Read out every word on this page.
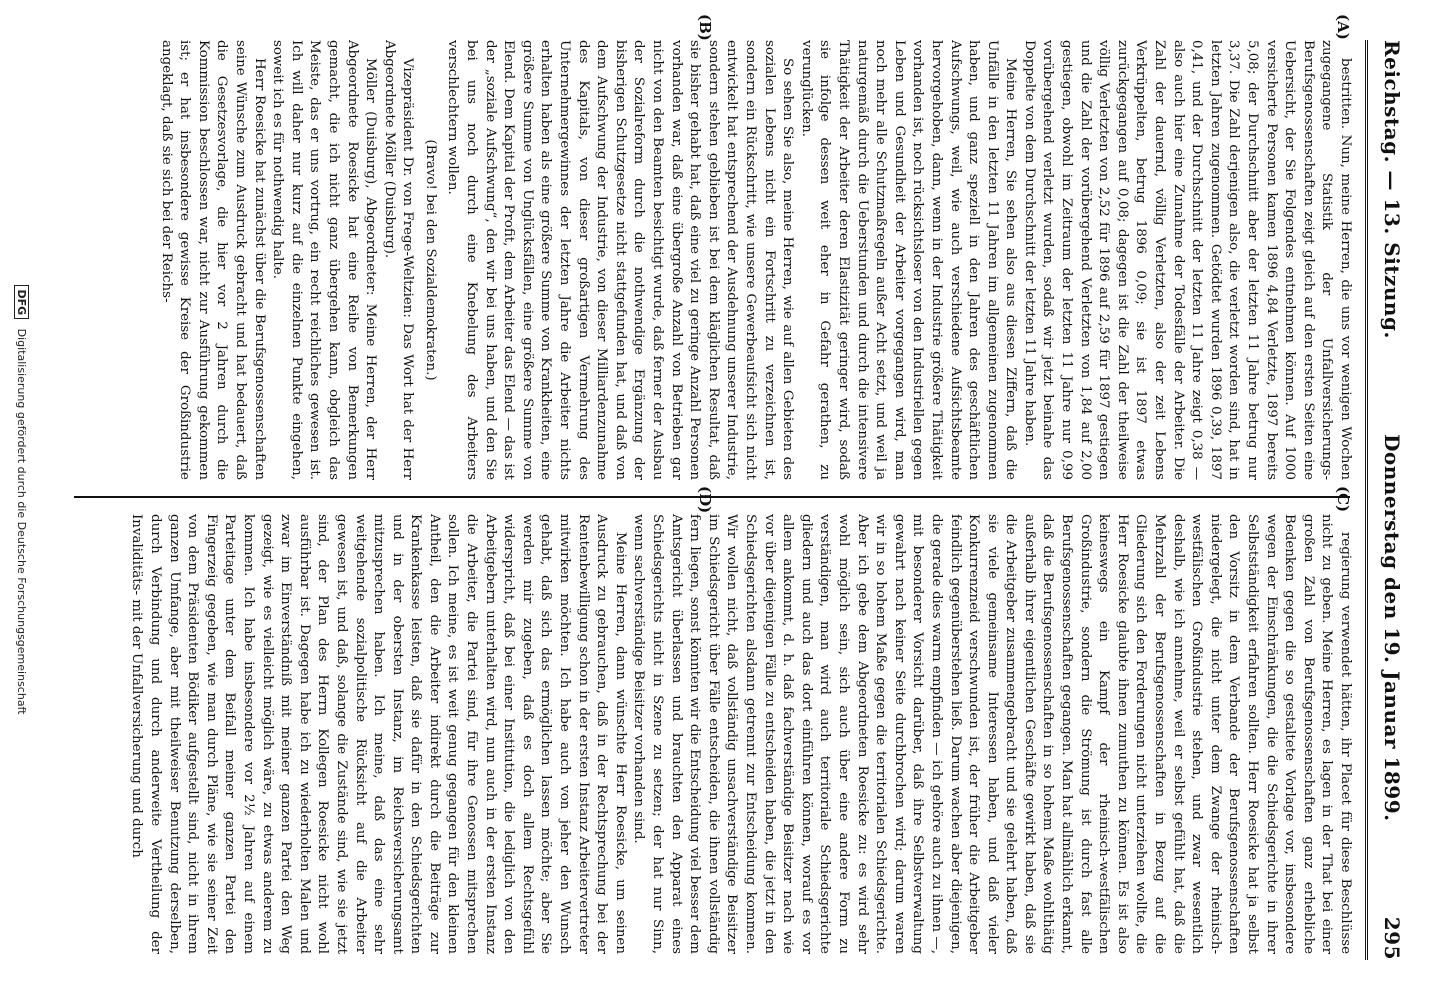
Reichstag. — 13. Sitzung.
Donnerstag den 19. Januar 1899.
295
(A)
(B)
(C)
(D)

bestritten. Nun, meine Herren, die uns vor wenigen Wochen zugegangene Statistik der Unfallversicherungs-Berufsgenossenschaften zeigt gleich auf den ersten Seiten eine Uebersicht, der Sie Folgendes entnehmen können. Auf 1000 versicherte Personen kamen 1896 4,84 Verletzte, 1897 bereits 5,08; der Durchschnitt aber der letzten 11 Jahre betrug nur 3,37. Die Zahl derjenigen also, die verletzt worden sind, hat in letzten Jahren zugenommen. Getödtet wurden 1896 0,39, 1897 0,41, und der Durchschnitt der letzten 11 Jahre zeigt 0,38 — also auch hier eine Zunahme der Todesfälle der Arbeiter. Die Zahl der dauernd, völlig Verletzten, also der zeit Lebens Verkrüppelten, betrug 1896 0,09; sie ist 1897 etwas zurückgegangen auf 0,08; dagegen ist die Zahl der theilweise völlig Verletzten von 2,52 für 1896 auf 2,59 für 1897 gestiegen und die Zahl der vorübergehend Verletzten von 1,84 auf 2,00 gestiegen, obwohl im Zeitraum der letzten 11 Jahre nur 0,99 vorübergehend verletzt wurden, sodaß wir jetzt beinahe das Doppelte von dem Durchschnitt der letzten 11 Jahre haben.

Meine Herren, Sie sehen also aus diesen Ziffern, daß die Unfälle in den letzten 11 Jahren im allgemeinen zugenommen haben, und ganz speziell in den Jahren des geschäftlichen Aufschwungs, weil, wie auch verschiedene Aufsichtsbeamte hervorgehoben, dann, wenn in der Industrie größere Thätigkeit vorhanden ist, noch rücksichtsloser von den Industriellen gegen Leben und Gesundheit der Arbeiter vorgegangen wird, man noch mehr alle Schutzmaßregeln außer Acht setzt, und weil ja naturgemäß durch die Ueberstunden und durch die intensivere Thätigkeit der Arbeiter deren Elastizität geringer wird, sodaß sie infolge dessen weit eher in Gefahr gerathen, zu verunglücken.

So sehen Sie also, meine Herren, wie auf allen Gebieten des sozialen Lebens nicht ein Fortschritt zu verzeichnen ist, sondern ein Rückschritt, wie unsere Gewerbeaufsicht sich nicht entwickelt hat entsprechend der Ausdehnung unserer Industrie, sondern stehen geblieben ist bei dem kläglichen Resultat, daß sie bisher gehabt hat, daß eine viel zu geringe Anzahl Personen vorhanden war, daß eine übergroße Anzahl von Betrieben gar nicht von den Beamten besichtigt wurde, daß ferner der Ausbau der Sozialreform durch die nothwendige Ergänzung der bisherigen Schutzgesetze nicht stattgefunden hat, und daß von dem Aufschwung der Industrie, von dieser Milliardenzunahme des Kapitals, von dieser großartigen Vermehrung des Unternehmergewinnes der letzten Jahre die Arbeiter nichts erhalten haben als eine größere Summe von Krankheiten, eine größere Summe von Unglücksfällen, eine größere Summe von Elend. Dem Kapital der Profit, dem Arbeiter das Elend — das ist der „soziale Aufschwung“, den wir bei uns haben, und den Sie bei uns noch durch eine Knebelung des Arbeiters verschlechtern wollen.

(Bravo! bei den Sozialdemokraten.)

Vizepräsident Dr. von Frege-Weltzien: Das Wort hat der Herr Abgeordnete Möller (Duisburg).

Möller (Duisburg), Abgeordneter: Meine Herren, der Herr Abgeordnete Roesicke hat eine Reihe von Bemerkungen gemacht, die ich nicht ganz übergehen kann, obgleich das Meiste, das er uns vortrug, ein recht reichliches gewesen ist. Ich will daher nur kurz auf die einzelnen Punkte eingehen, soweit ich es für nothwendig halte.

Herr Roesicke hat zunächst über die Berufsgenossenschaften seine Wünsche zum Ausdruck gebracht und hat bedauert, daß die Gesetzesvorlage, die hier vor 2 Jahren durch die Kommission beschlossen war, nicht zur Ausführung gekommen ist; er hat insbesondere gewisse Kreise der Großindustrie angeklagt, daß sie sich bei der Reichs-

regierung verwendet hätten, ihr Placet für diese Beschlüsse nicht zu geben. Meine Herren, es lagen in der That bei einer großen Zahl von Berufsgenossenschaften ganz erhebliche Bedenken gegen die so gestaltete Vorlage vor, insbesondere wegen der Einschränkungen, die die Schiedsgerichte in ihrer Selbstständigkeit erfahren sollten. Herr Roesicke hat ja selbst den Vorsitz in dem Verbande der Berufsgenossenschaften niedergelegt, die nicht unter dem Zwange der rheinisch-westfälischen Großindustrie stehen, und zwar wesentlich deshalb, wie ich annehme, weil er selbst gefühlt hat, daß die Mehrzahl der Berufsgenossenschaften in Bezug auf die Gliederung sich den Forderungen nicht unterziehen wollte, die Herr Roesicke glaubte ihnen zumuthen zu können. Es ist also keineswegs ein Kampf der rheinisch-westfälischen Großindustrie, sondern die Strömung ist durch fast alle Berufsgenossenschaften gegangen. Man hat allmählich erkannt, daß die Berufsgenossenschaften in so hohem Maße wohlthätig außerhalb ihrer eigentlichen Geschäfte gewirkt haben, daß sie die Arbeitgeber zusammengebracht und sie gelehrt haben, daß sie viele gemeinsame Interessen haben, und daß vieler Konkurrenzneid verschwunden ist, der früher die Arbeitgeber feindlich gegenüberstehen ließ. Darum wachen aber diejenigen, die gerade dies warm empfinden — ich gehöre auch zu ihnen —, mit besonderer Vorsicht darüber, daß ihre Selbstverwaltung gewahrt nach keiner Seite durchbrochen wird; darum waren wir in so hohem Maße gegen die territorialen Schiedsgerichte. Aber ich gebe dem Abgeordneten Roesicke zu: es wird sehr wohl möglich sein, sich auch über eine andere Form zu verständigen, man wird auch territoriale Schiedsgerichte gliedern und auch das dort einführen können, worauf es vor allem ankommt, d. h. daß fachverständige Beisitzer nach wie vor über diejenigen Fälle zu entscheiden haben, die jetzt in den Schiedsgerichten alsdann getrennt zur Entscheidung kommen. Wir wollen nicht, daß vollständig unsachverständige Beisitzer im Schiedsgericht über Fälle entscheiden, die ihnen vollständig fern liegen, sonst könnten wir die Entscheidung viel besser dem Amtsgericht überlassen und brauchten den Apparat eines Schiedsgerichts nicht in Szene zu setzen; der hat nur Sinn, wenn sachverständige Beisitzer vorhanden sind.

Meine Herren, dann wünschte Herr Roesicke, um seinen Ausdruck zu gebrauchen, daß in der Rechtsprechung bei der Rentenbewilligung schon in der ersten Instanz Arbeitervertreter mitwirken möchten. Ich habe auch von jeher den Wunsch gehabt, daß sich das ermöglichen lassen möchte; aber Sie werden mir zugeben, daß es doch allem Rechtsgefühl widerspricht, daß bei einer Institution, die lediglich von den Arbeitgebern unterhalten wird, nun auch in der ersten Instanz die Arbeiter, die Partei sind, für ihre Genossen mitsprechen sollen. Ich meine, es ist weit genug gegangen für den kleinen Antheil, den die Arbeiter indirekt durch die Beiträge zur Krankenkasse leisten, daß sie dafür in den Schiedsgerichten und in der obersten Instanz, im Reichsversicherungsamt mitzusprechen haben. Ich meine, daß das eine sehr weitgehende sozialpolitische Rücksicht auf die Arbeiter gewesen ist, und daß, solange die Zustände sind, wie sie jetzt sind, der Plan des Herrn Kollegen Roesicke nicht wohl ausführbar ist. Dagegen habe ich zu wiederholten Malen und zwar im Einverständniß mit meiner ganzen Partei den Weg gezeigt, wie es vielleicht möglich wäre, zu etwas anderem zu kommen. Ich habe insbesondere vor 2½ Jahren auf einem Parteitage unter dem Beifall meiner ganzen Partei den Fingerzeig gegeben, wie man durch Pläne, wie sie seiner Zeit von dem Präsidenten Bödiker aufgestellt sind, nicht in ihrem ganzen Umfange, aber mit theilweiser Benutzung derselben, durch Verbindung und durch anderweite Vertheilung der Invaliditäts- mit der Unfallversicherung und durch

DFG Digitalisierung gefördert durch die Deutsche Forschungsgemeinschaft
